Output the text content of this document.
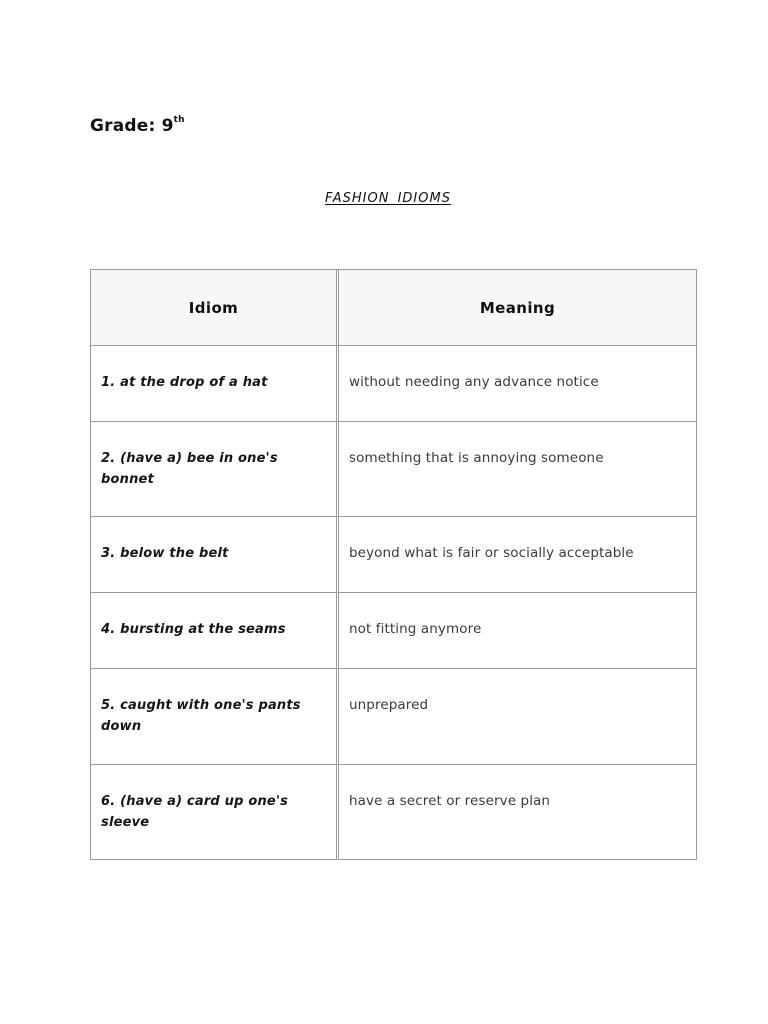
Grade: 9th
FASHION IDIOMS
Idiom	Meaning
1. at the drop of a hat	without needing any advance notice
2. (have a) bee in one's bonnet	something that is annoying someone
3. below the belt	beyond what is fair or socially acceptable
4. bursting at the seams	not fitting anymore
5. caught with one's pants down	unprepared
6. (have a) card up one's sleeve	have a secret or reserve plan
